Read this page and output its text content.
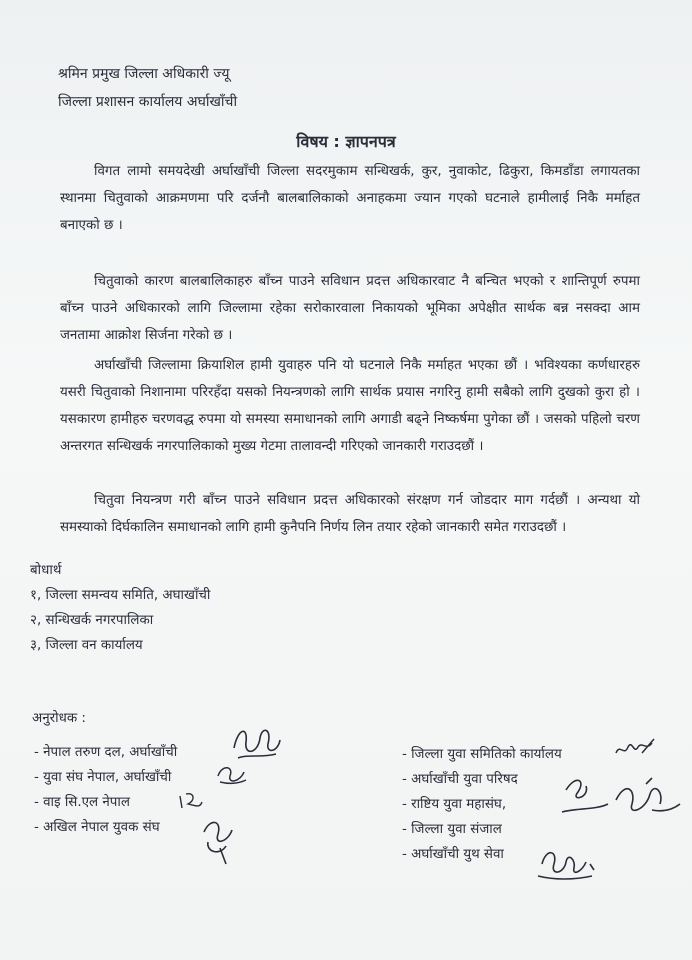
श्रमिन प्रमुख जिल्ला अधिकारी ज्यू
जिल्ला प्रशासन कार्यालय अर्घाखाँची
विषय : ज्ञापनपत्र

विगत लामो समयदेखी अर्घाखाँची जिल्ला सदरमुकाम सन्धिखर्क, कुर, नुवाकोट, ढिकुरा, किमडाँडा लगायतका स्थानमा चितुवाको आक्रमणमा परि दर्जनौ बालबालिकाको अनाहकमा ज्यान गएको घटनाले हामीलाई निकै मर्माहत बनाएको छ ।

चितुवाको कारण बालबालिकाहरु बाँच्न पाउने सविधान प्रदत्त अधिकारवाट नै बन्चित भएको र शान्तिपूर्ण रुपमा बाँच्न पाउने अधिकारको लागि जिल्लामा रहेका सरोकारवाला निकायको भूमिका अपेक्षीत सार्थक बन्न नसक्दा आम जनतामा आक्रोश सिर्जना गरेको छ ।

अर्घाखाँची जिल्लामा क्रियाशिल हामी युवाहरु पनि यो घटनाले निकै मर्माहत भएका छौं । भविश्यका कर्णधारहरु यसरी चितुवाको निशानामा परिरहँदा यसको नियन्त्रणको लागि सार्थक प्रयास नगरिनु हामी सबैको लागि दुखको कुरा हो । यसकारण हामीहरु चरणवद्ध रुपमा यो समस्या समाधानको लागि अगाडी बढ्ने निष्कर्षमा पुगेका छौं । जसको पहिलो चरण अन्तरगत सन्धिखर्क नगरपालिकाको मुख्य गेटमा तालावन्दी गरिएको जानकारी गराउदछौं ।

चितुवा नियन्त्रण गरी बाँच्न पाउने सविधान प्रदत्त अधिकारको संरक्षण गर्न जोडदार माग गर्दछौं । अन्यथा यो समस्याको दिर्घकालिन समाधानको लागि हामी कुनैपनि निर्णय लिन तयार रहेको जानकारी समेत गराउदछौं ।

बोधार्थ
१, जिल्ला समन्वय समिति, अघाखाँची
२, सन्धिखर्क नगरपालिका
३, जिल्ला वन कार्यालय
अनुरोधक :
- नेपाल तरुण दल, अर्घाखाँची
- युवा संघ नेपाल, अर्घाखाँची
- वाइ सि.एल नेपाल
- अखिल नेपाल युवक संघ
- जिल्ला युवा समितिको कार्यालय
- अर्घाखाँची युवा परिषद
- राष्टिय युवा महासंघ,
- जिल्ला युवा संजाल
- अर्घाखाँची युथ सेवा
